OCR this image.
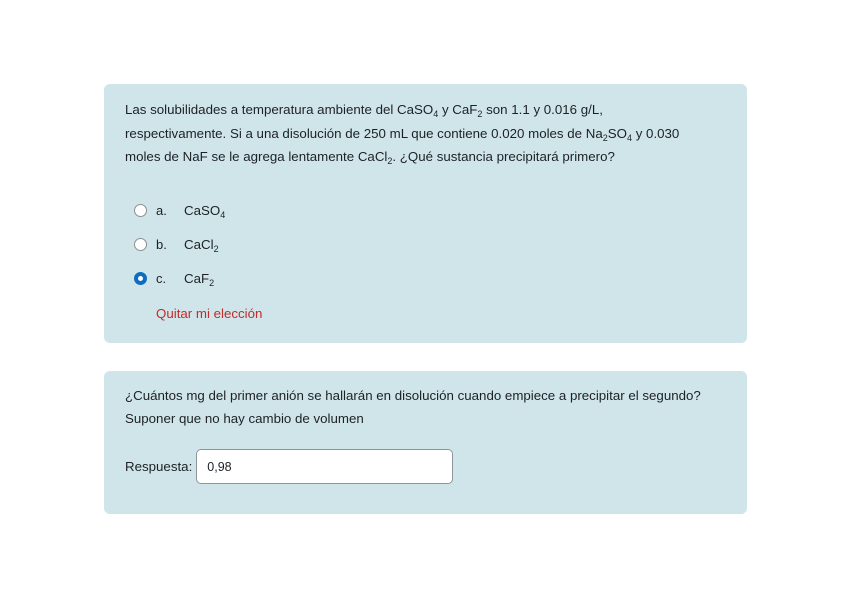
Las solubilidades a temperatura ambiente del CaSO$_4$ y CaF$_2$ son 1.1 y 0.016 g/L,
respectivamente. Si a una disolución de 250 mL que contiene 0.020 moles de $Na_2SO_4$ y 0.030
moles de NaF se le agrega lentamente CaCl$_2$. ¿Qué sustancia precipitará primero?

a.	CaSO$_4$
b.	CaCl$_2$
c.	CaF$_2$
Quitar mi elección

¿Cuántos mg del primer anión se hallarán en disolución cuando empiece a precipitar el segundo?
Suponer que no hay cambio de volumen

Respuesta:
0,98
